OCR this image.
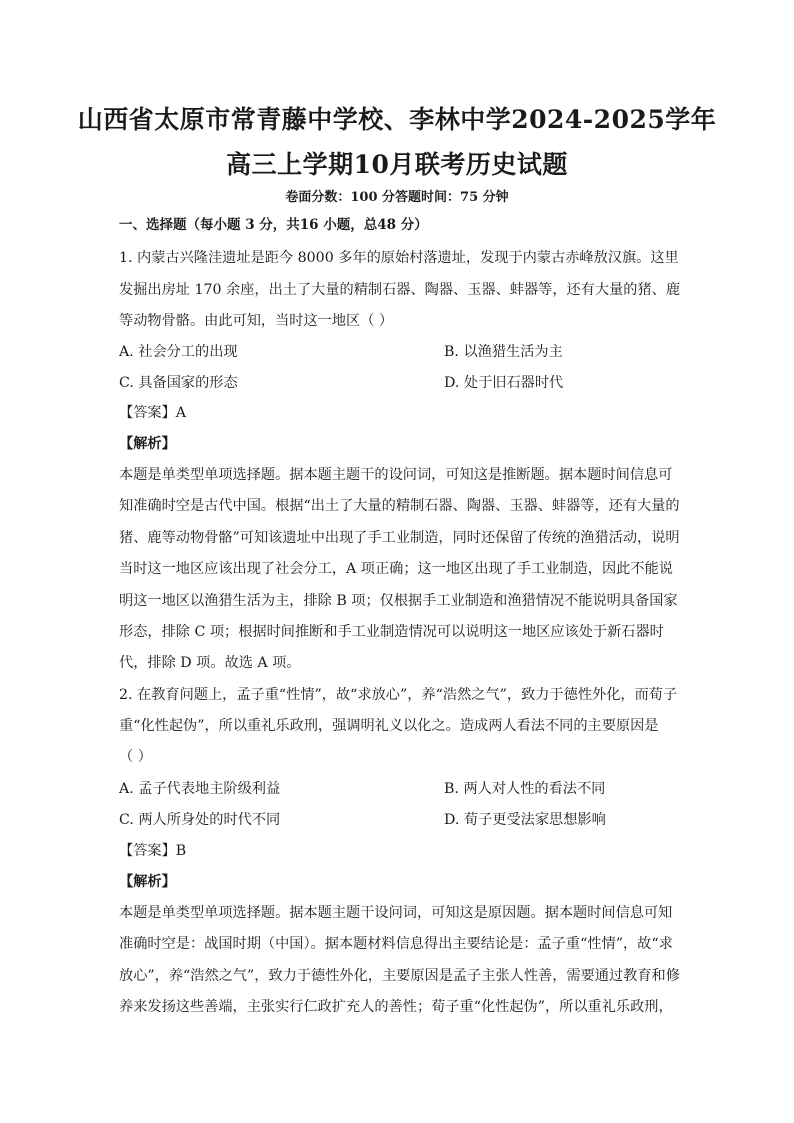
山西省太原市常青藤中学校、李林中学2024-2025学年
高三上学期10月联考历史试题
卷面分数：100 分答题时间：75 分钟
一、选择题（每小题 3 分，共16 小题，总48 分）
1. 内蒙古兴隆洼遗址是距今 8000 多年的原始村落遗址，发现于内蒙古赤峰敖汉旗。这里
发掘出房址 170 余座，出土了大量的精制石器、陶器、玉器、蚌器等，还有大量的猪、鹿
等动物骨骼。由此可知，当时这一地区（ ）
A. 社会分工的出现	B. 以渔猎生活为主
C. 具备国家的形态	D. 处于旧石器时代
【答案】A
【解析】
本题是单类型单项选择题。据本题主题干的设问词，可知这是推断题。据本题时间信息可
知准确时空是古代中国。根据“出土了大量的精制石器、陶器、玉器、蚌器等，还有大量的
猪、鹿等动物骨骼”可知该遗址中出现了手工业制造，同时还保留了传统的渔猎活动，说明
当时这一地区应该出现了社会分工，A 项正确；这一地区出现了手工业制造，因此不能说
明这一地区以渔猎生活为主，排除 B 项；仅根据手工业制造和渔猎情况不能说明具备国家
形态，排除 C 项；根据时间推断和手工业制造情况可以说明这一地区应该处于新石器时
代，排除 D 项。故选 A 项。
2. 在教育问题上，孟子重“性情”，故“求放心”，养“浩然之气”，致力于德性外化，而荀子
重“化性起伪”，所以重礼乐政刑，强调明礼义以化之。造成两人看法不同的主要原因是
（ ）
A. 孟子代表地主阶级利益	B. 两人对人性的看法不同
C. 两人所身处的时代不同	D. 荀子更受法家思想影响
【答案】B
【解析】
本题是单类型单项选择题。据本题主题干设问词，可知这是原因题。据本题时间信息可知
准确时空是：战国时期（中国）。据本题材料信息得出主要结论是：孟子重“性情”，故“求
放心”，养“浩然之气”，致力于德性外化，主要原因是孟子主张人性善，需要通过教育和修
养来发扬这些善端，主张实行仁政扩充人的善性；荀子重“化性起伪”，所以重礼乐政刑，
